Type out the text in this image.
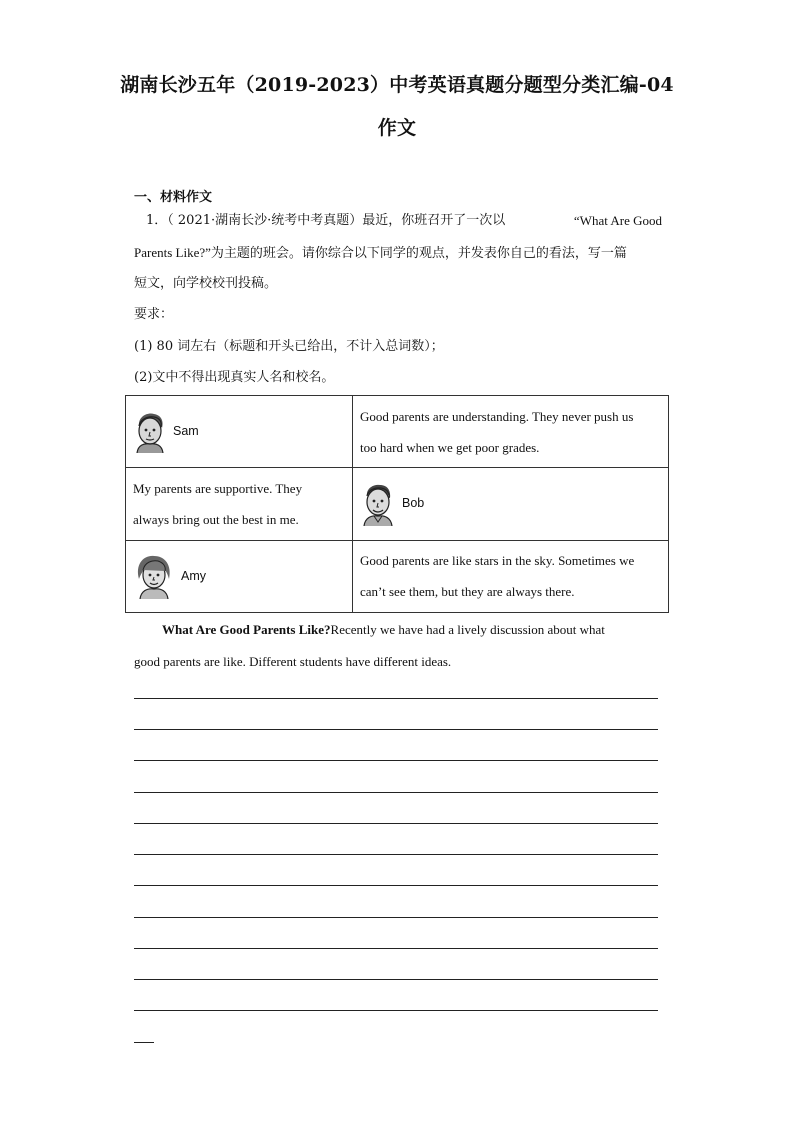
湖南长沙五年（2019-2023）中考英语真题分题型分类汇编-04
作文
一、材料作文
1．（ 2021·湖南长沙·统考中考真题）最近，你班召开了一次以	“What Are Good
Parents Like?”为主题的班会。请你综合以下同学的观点，并发表你自己的看法，写一篇
短文，向学校校刊投稿。
要求：
(1) 80 词左右（标题和开头已给出，不计入总词数）；
(2)文中不得出现真实人名和校名。
Sam	Good parents are understanding. They never push us
too hard when we get poor grades.

My parents are supportive. They
always bring out the best in me.	Bob

Amy	Good parents are like stars in the sky. Sometimes we
can’t see them, but they are always there.
What Are Good Parents Like?Recently we have had a lively discussion about what
good parents are like. Different students have different ideas.
